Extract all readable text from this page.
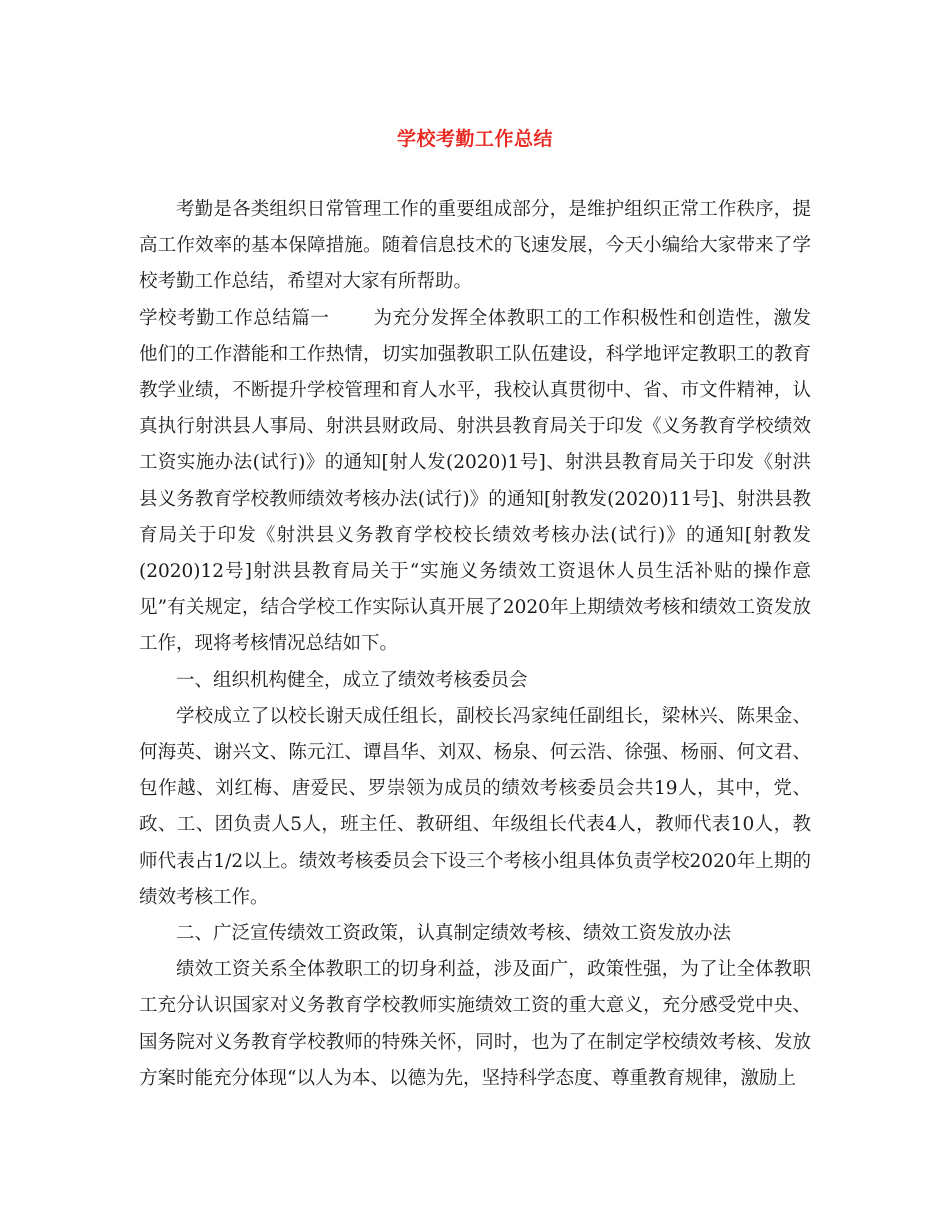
学校考勤工作总结

考勤是各类组织日常管理工作的重要组成部分，是维护组织正常工作秩序，提高工作效率的基本保障措施。随着信息技术的飞速发展，今天小编给大家带来了学校考勤工作总结，希望对大家有所帮助。

学校考勤工作总结篇一 为充分发挥全体教职工的工作积极性和创造性，激发他们的工作潜能和工作热情，切实加强教职工队伍建设，科学地评定教职工的教育教学业绩，不断提升学校管理和育人水平，我校认真贯彻中、省、市文件精神，认真执行射洪县人事局、射洪县财政局、射洪县教育局关于印发《义务教育学校绩效工资实施办法(试行)》的通知[射人发(2020)1号]、射洪县教育局关于印发《射洪县义务教育学校教师绩效考核办法(试行)》的通知[射教发(2020)11号]、射洪县教育局关于印发《射洪县义务教育学校校长绩效考核办法(试行)》的通知[射教发(2020)12号]射洪县教育局关于“实施义务绩效工资退休人员生活补贴的操作意见”有关规定，结合学校工作实际认真开展了2020年上期绩效考核和绩效工资发放工作，现将考核情况总结如下。

一、组织机构健全，成立了绩效考核委员会

学校成立了以校长谢天成任组长，副校长冯家纯任副组长，梁林兴、陈果金、何海英、谢兴文、陈元江、谭昌华、刘双、杨泉、何云浩、徐强、杨丽、何文君、包作越、刘红梅、唐爱民、罗崇领为成员的绩效考核委员会共19人，其中，党、政、工、团负责人5人，班主任、教研组、年级组长代表4人，教师代表10人，教师代表占1/2以上。绩效考核委员会下设三个考核小组具体负责学校2020年上期的绩效考核工作。

二、广泛宣传绩效工资政策，认真制定绩效考核、绩效工资发放办法

绩效工资关系全体教职工的切身利益，涉及面广，政策性强，为了让全体教职工充分认识国家对义务教育学校教师实施绩效工资的重大意义，充分感受党中央、国务院对义务教育学校教师的特殊关怀，同时，也为了在制定学校绩效考核、发放方案时能充分体现“以人为本、以德为先，坚持科学态度、尊重教育规律，激励上
